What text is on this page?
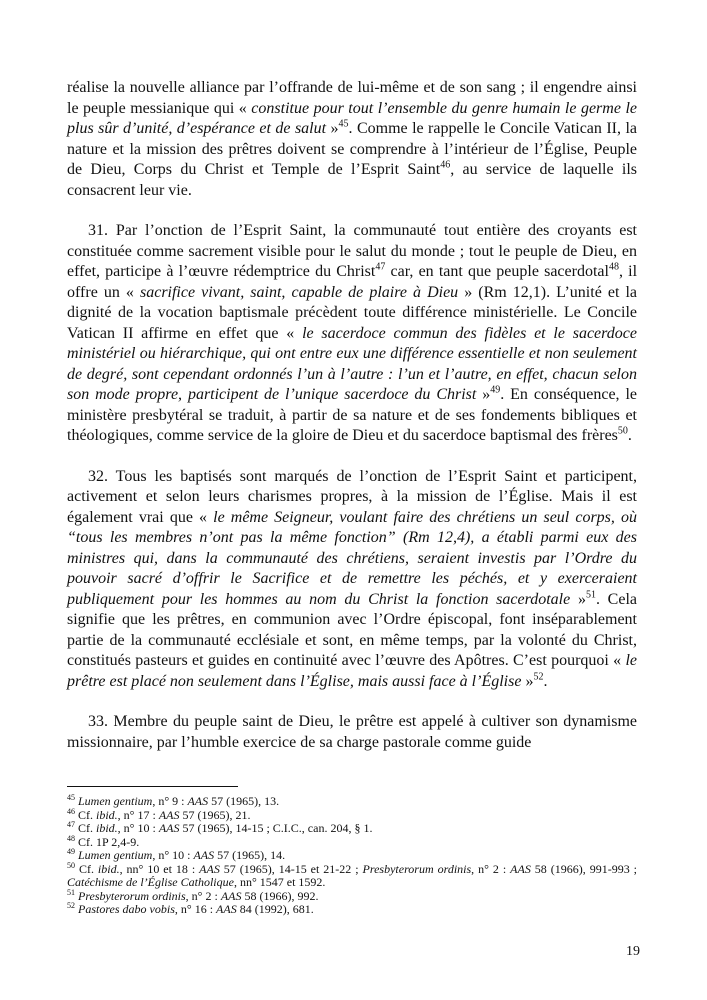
réalise la nouvelle alliance par l’offrande de lui-même et de son sang ; il engendre ainsi le peuple messianique qui « constitue pour tout l’ensemble du genre humain le germe le plus sûr d’unité, d’espérance et de salut »$^{45}$. Comme le rappelle le Concile Vatican II, la nature et la mission des prêtres doivent se comprendre à l’intérieur de l’Église, Peuple de Dieu, Corps du Christ et Temple de l’Esprit Saint$^{46}$, au service de laquelle ils consacrent leur vie.

31. Par l’onction de l’Esprit Saint, la communauté tout entière des croyants est constituée comme sacrement visible pour le salut du monde ; tout le peuple de Dieu, en effet, participe à l’œuvre rédemptrice du Christ$^{47}$ car, en tant que peuple sacerdotal$^{48}$, il offre un « sacrifice vivant, saint, capable de plaire à Dieu » (Rm 12,1). L’unité et la dignité de la vocation baptismale précèdent toute différence ministérielle. Le Concile Vatican II affirme en effet que « le sacerdoce commun des fidèles et le sacerdoce ministériel ou hiérarchique, qui ont entre eux une différence essentielle et non seulement de degré, sont cependant ordonnés l’un à l’autre : l’un et l’autre, en effet, chacun selon son mode propre, participent de l’unique sacerdoce du Christ »$^{49}$. En conséquence, le ministère presbytéral se traduit, à partir de sa nature et de ses fondements bibliques et théologiques, comme service de la gloire de Dieu et du sacerdoce baptismal des frères$^{50}$.

32. Tous les baptisés sont marqués de l’onction de l’Esprit Saint et participent, activement et selon leurs charismes propres, à la mission de l’Église. Mais il est également vrai que « le même Seigneur, voulant faire des chrétiens un seul corps, où “tous les membres n’ont pas la même fonction” (Rm 12,4), a établi parmi eux des ministres qui, dans la communauté des chrétiens, seraient investis par l’Ordre du pouvoir sacré d’offrir le Sacrifice et de remettre les péchés, et y exerceraient publiquement pour les hommes au nom du Christ la fonction sacerdotale »$^{51}$. Cela signifie que les prêtres, en communion avec l’Ordre épiscopal, font inséparablement partie de la communauté ecclésiale et sont, en même temps, par la volonté du Christ, constitués pasteurs et guides en continuité avec l’œuvre des Apôtres. C’est pourquoi « le prêtre est placé non seulement dans l’Église, mais aussi face à l’Église »$^{52}$.

33. Membre du peuple saint de Dieu, le prêtre est appelé à cultiver son dynamisme missionnaire, par l’humble exercice de sa charge pastorale comme guide

$^{45}$ Lumen gentium, n° 9 : AAS 57 (1965), 13.

$^{46}$ Cf. ibid., n° 17 : AAS 57 (1965), 21.

$^{47}$ Cf. ibid., n° 10 : AAS 57 (1965), 14-15 ; C.I.C., can. 204, § 1.

$^{48}$ Cf. 1P 2,4-9.

$^{49}$ Lumen gentium, n° 10 : AAS 57 (1965), 14.

$^{50}$ Cf. ibid., nn° 10 et 18 : AAS 57 (1965), 14-15 et 21-22 ; Presbyterorum ordinis, n° 2 : AAS 58 (1966), 991-993 ; Catéchisme de l’Église Catholique, nn° 1547 et 1592.

$^{51}$ Presbyterorum ordinis, n° 2 : AAS 58 (1966), 992.

$^{52}$ Pastores dabo vobis, n° 16 : AAS 84 (1992), 681.

19
